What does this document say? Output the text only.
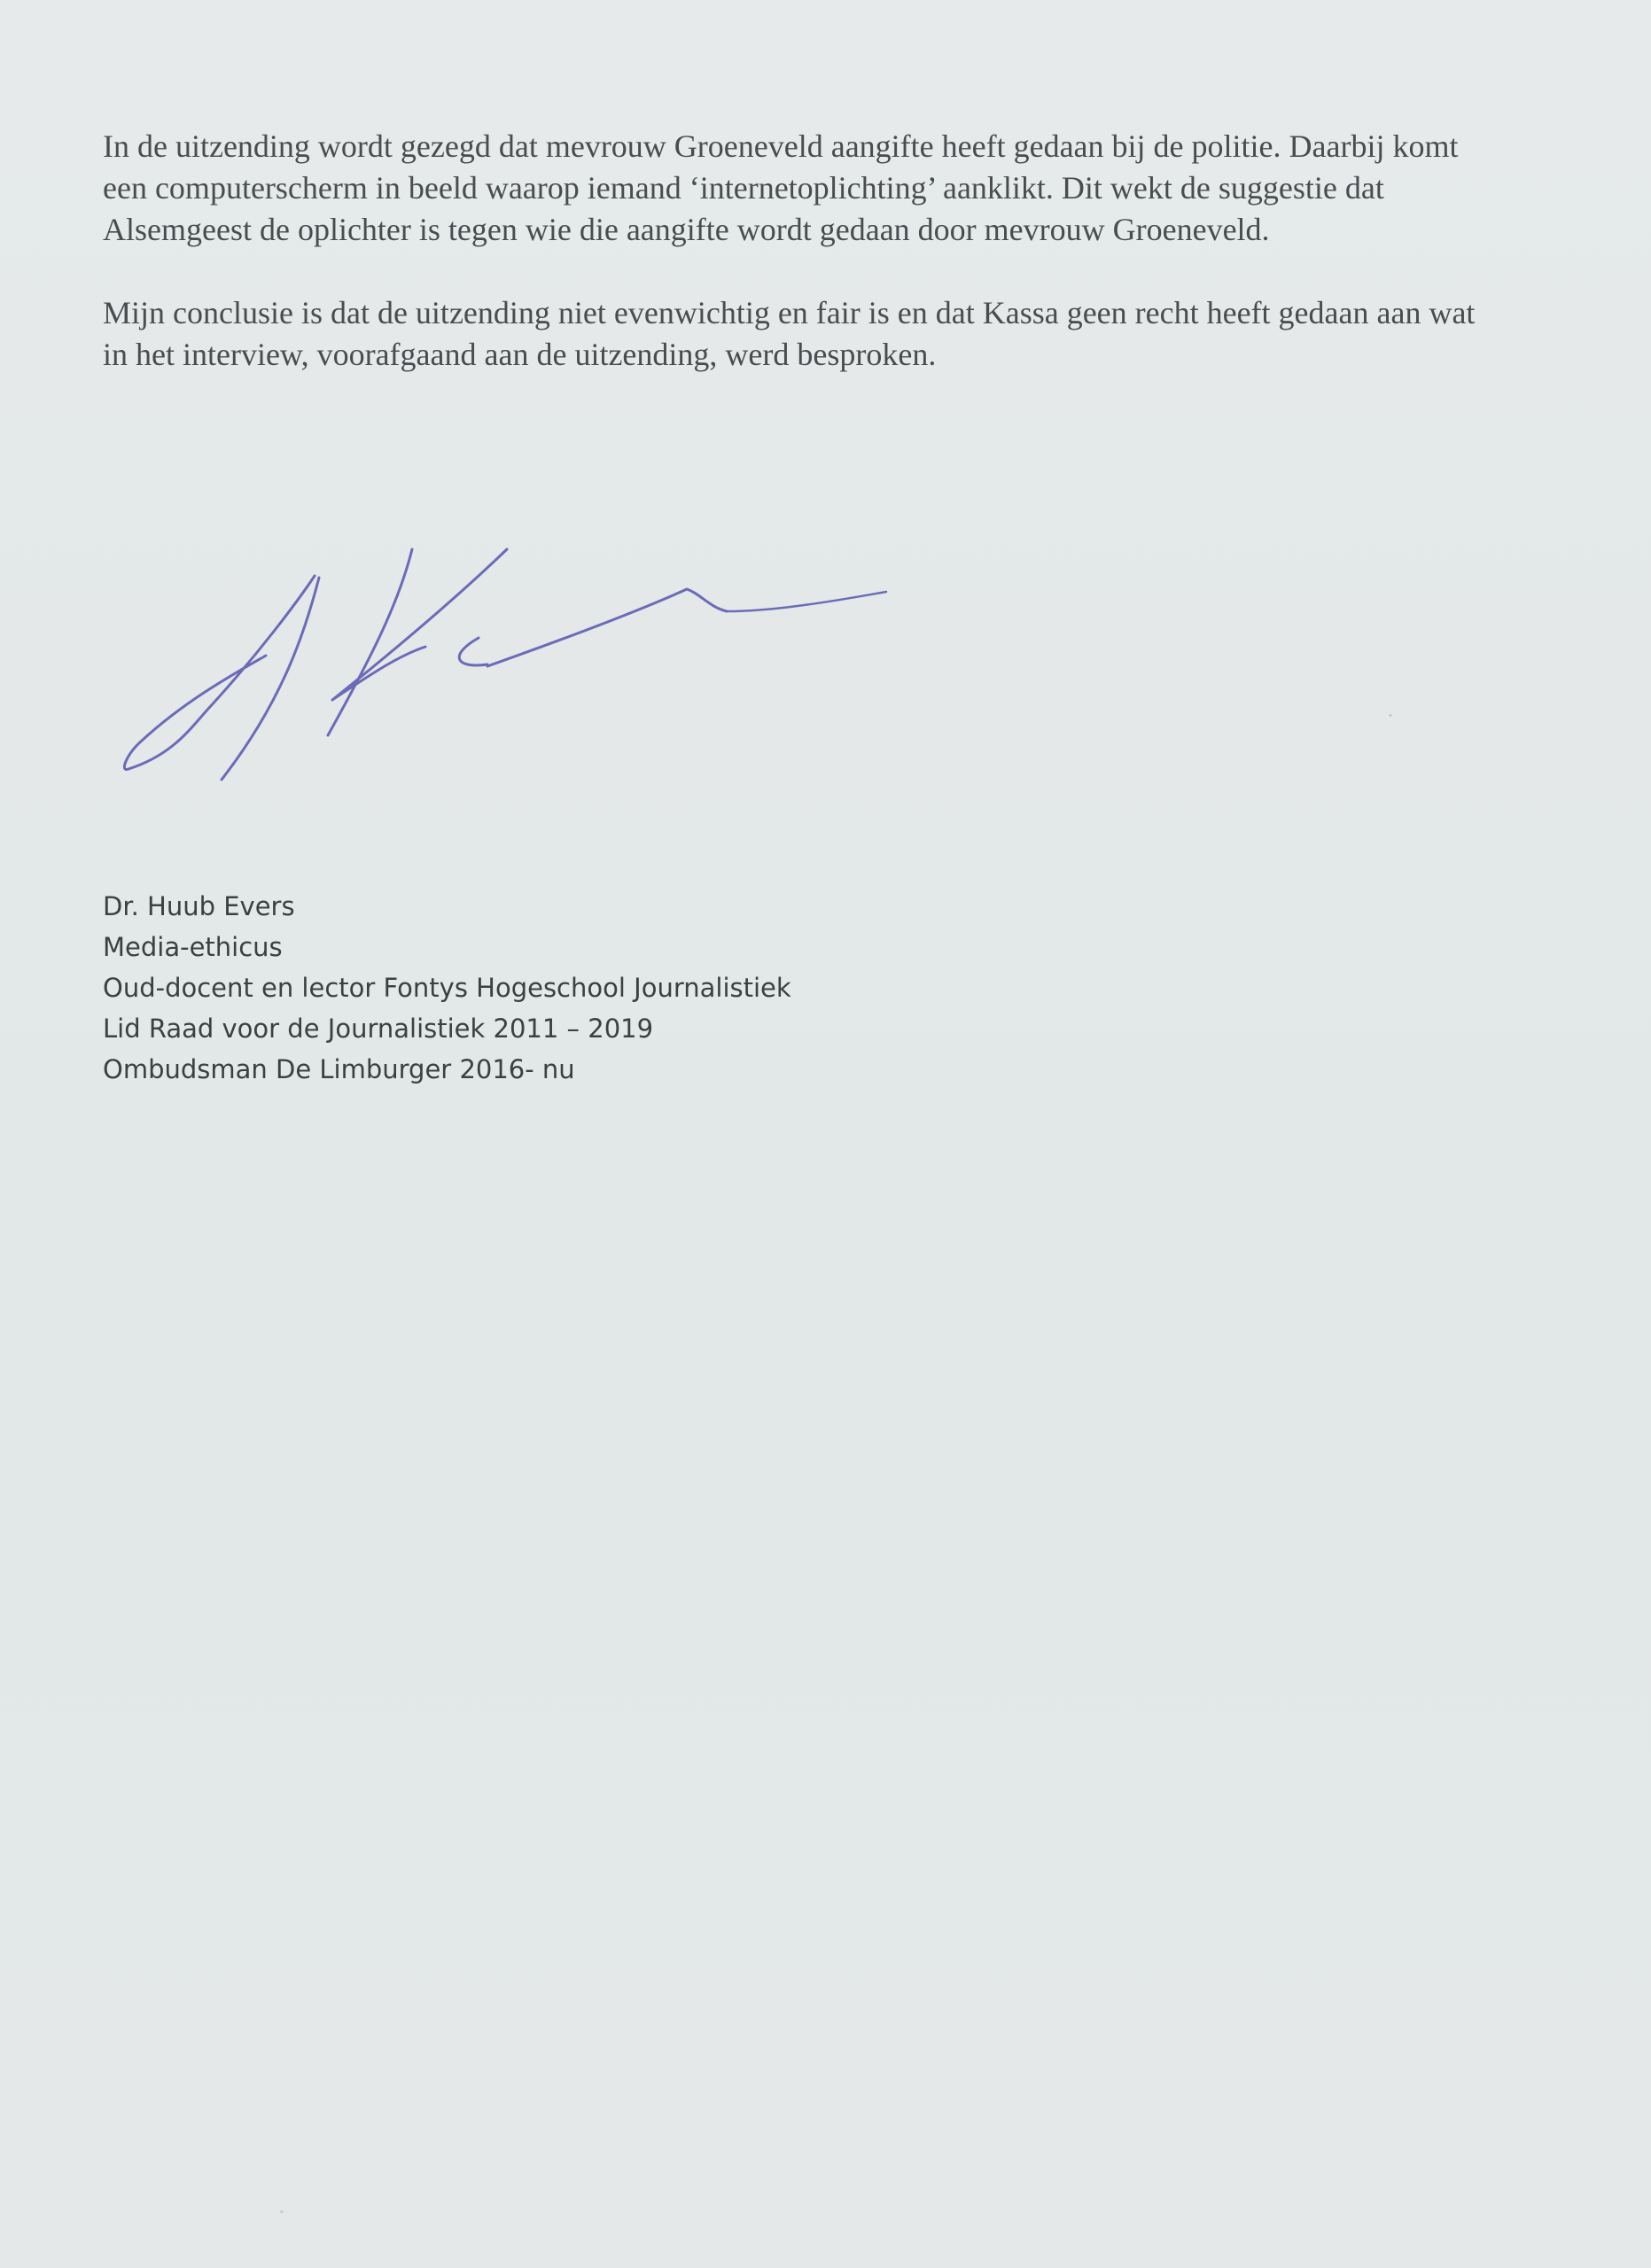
In de uitzending wordt gezegd dat mevrouw Groeneveld aangifte heeft gedaan bij de politie. Daarbij komt een computerscherm in beeld waarop iemand ‘internetoplichting’ aanklikt. Dit wekt de suggestie dat Alsemgeest de oplichter is tegen wie die aangifte wordt gedaan door mevrouw Groeneveld.

Mijn conclusie is dat de uitzending niet evenwichtig en fair is en dat Kassa geen recht heeft gedaan aan wat in het interview, voorafgaand aan de uitzending, werd besproken.

Dr. Huub Evers
Media-ethicus
Oud-docent en lector Fontys Hogeschool Journalistiek
Lid Raad voor de Journalistiek 2011 – 2019
Ombudsman De Limburger 2016- nu
